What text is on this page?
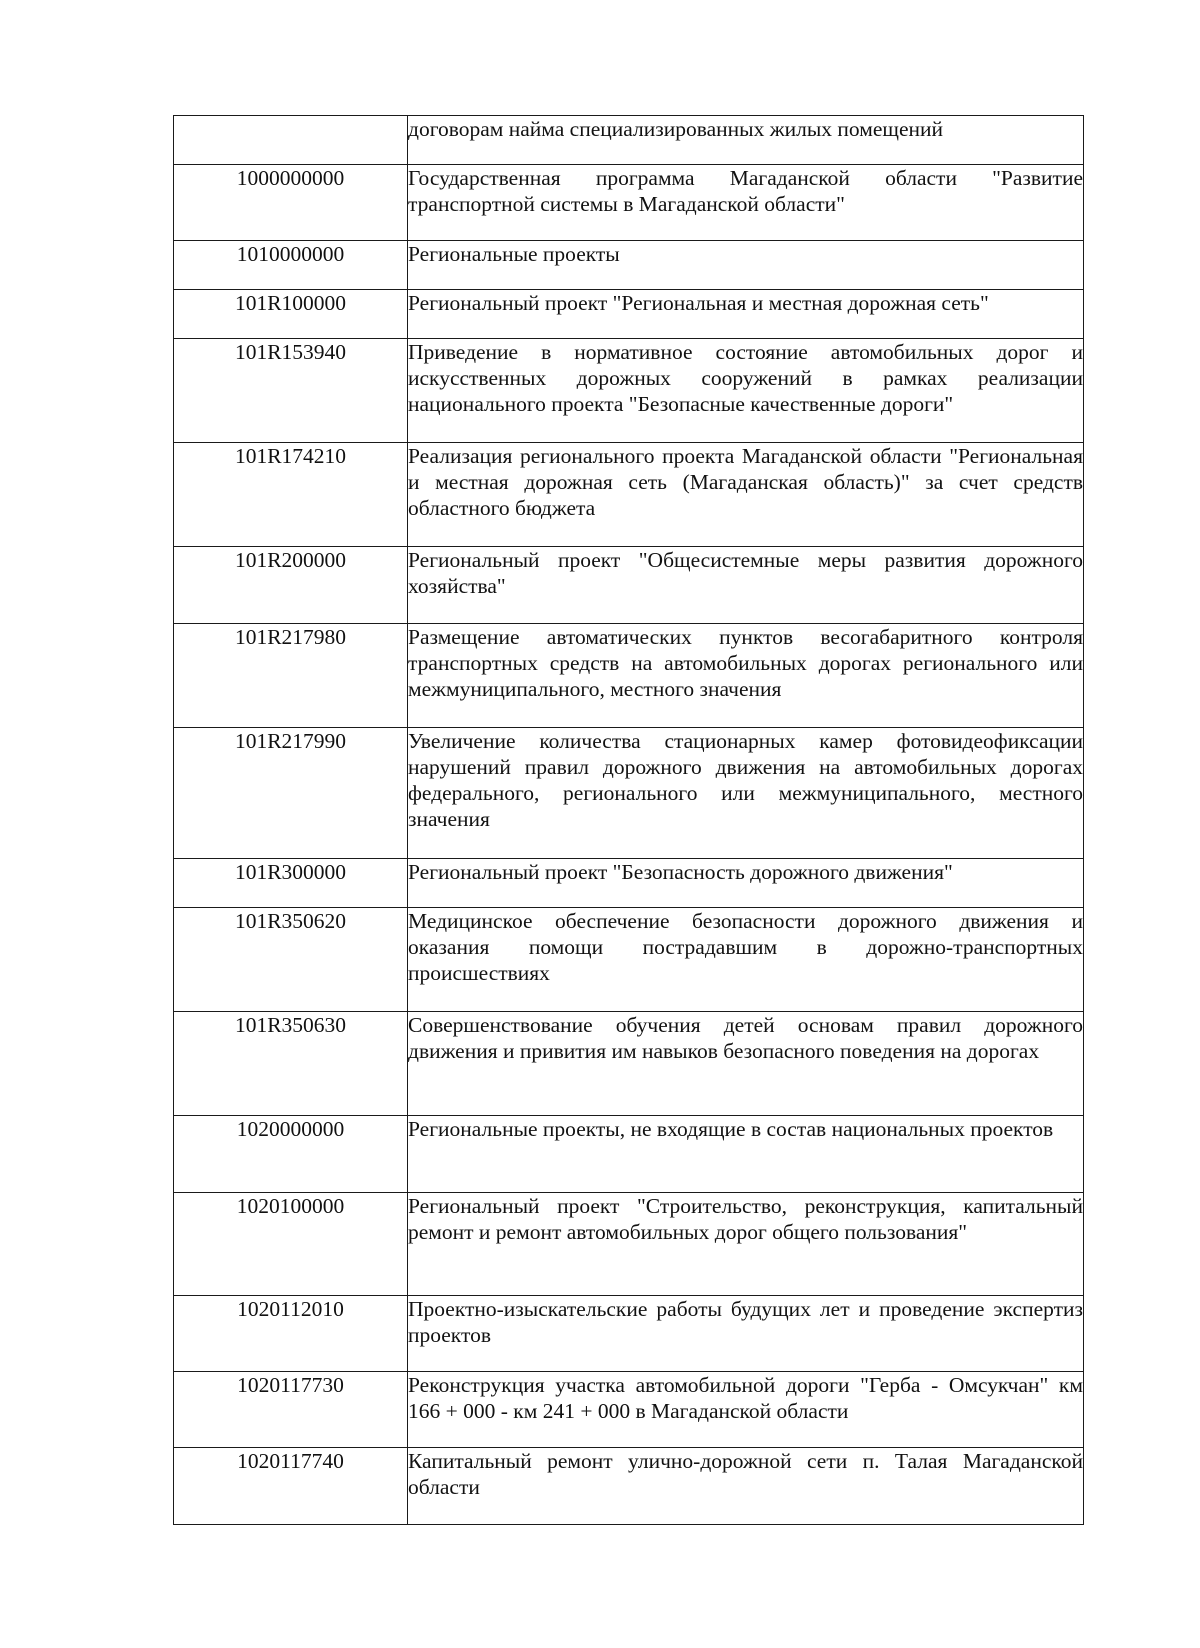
	договорам найма специализированных жилых помещений
1000000000	Государственная программа Магаданской области "Развитие транспортной системы в Магаданской области"
1010000000	Региональные проекты
101R100000	Региональный проект "Региональная и местная дорожная сеть"
101R153940	Приведение в нормативное состояние автомобильных дорог и искусственных дорожных сооружений в рамках реализации национального проекта "Безопасные качественные дороги"
101R174210	Реализация регионального проекта Магаданской области "Региональная и местная дорожная сеть (Магаданская область)" за счет средств областного бюджета
101R200000	Региональный проект "Общесистемные меры развития дорожного хозяйства"
101R217980	Размещение автоматических пунктов весогабаритного контроля транспортных средств на автомобильных дорогах регионального или межмуниципального, местного значения
101R217990	Увеличение количества стационарных камер фотовидеофиксации нарушений правил дорожного движения на автомобильных дорогах федерального, регионального или межмуниципального, местного значения
101R300000	Региональный проект "Безопасность дорожного движения"
101R350620	Медицинское обеспечение безопасности дорожного движения и оказания помощи пострадавшим в дорожно-транспортных происшествиях
101R350630	Совершенствование обучения детей основам правил дорожного движения и привития им навыков безопасного поведения на дорогах
1020000000	Региональные проекты, не входящие в состав национальных проектов
1020100000	Региональный проект "Строительство, реконструкция, капитальный ремонт и ремонт автомобильных дорог общего пользования"
1020112010	Проектно-изыскательские работы будущих лет и проведение экспертиз проектов
1020117730	Реконструкция участка автомобильной дороги "Герба - Омсукчан" км 166 + 000 - км 241 + 000 в Магаданской области
1020117740	Капитальный ремонт улично-дорожной сети п. Талая Магаданской области
